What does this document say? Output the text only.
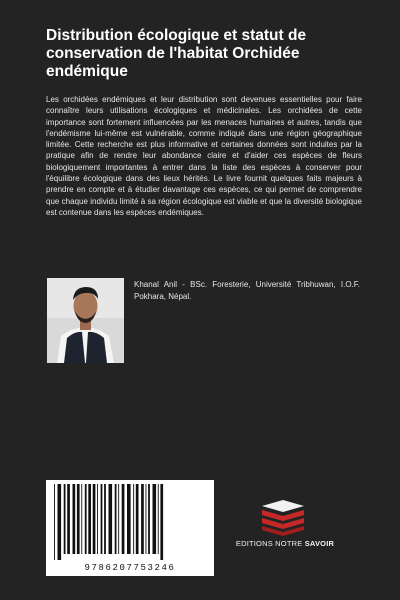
Distribution écologique et statut de conservation de l'habitat Orchidée endémique

Les orchidées endémiques et leur distribution sont devenues essentielles pour faire connaître leurs utilisations écologiques et médicinales. Les orchidées de cette importance sont fortement influencées par les menaces humaines et autres, tandis que l'endémisme lui-même est vulnérable, comme indiqué dans une région géographique limitée. Cette recherche est plus informative et certaines données sont induites par la pratique afin de rendre leur abondance claire et d'aider ces espèces de fleurs biologiquement importantes à entrer dans la liste des espèces à conserver pour l'équilibre écologique dans des lieux hérités. Le livre fournit quelques faits majeurs à prendre en compte et à étudier davantage ces espèces, ce qui permet de comprendre que chaque individu limité à sa région écologique est viable et que la diversité biologique est contenue dans les espèces endémiques.

Khanal Anil - BSc. Foresterie, Université Tribhuwan, I.O.F. Pokhara, Népal.

9786207753246
EDITIONS NOTRE SAVOIR
